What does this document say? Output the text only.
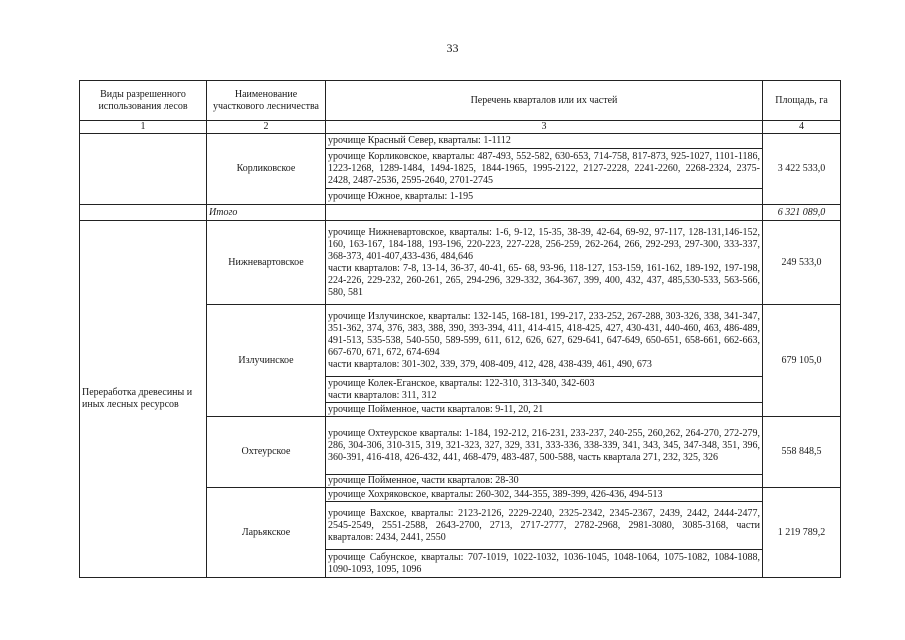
33
Виды разрешенного использования лесов	Наименование участкового лесничества	Перечень кварталов или их частей	Площадь, га
1	2	3	4
	Корликовское	урочище Красный Север, кварталы: 1-1112	3 422 533,0
		урочище Корликовское, кварталы: 487-493, 552-582, 630-653, 714-758, 817-873, 925-1027, 1101-1186, 1223-1268, 1289-1484, 1494-1825, 1844-1965, 1995-2122, 2127-2228, 2241-2260, 2268-2324, 2375-2428, 2487-2536, 2595-2640, 2701-2745	
		урочище Южное, кварталы: 1-195	
	Итого		6 321 089,0
Переработка древесины и иных лесных ресурсов	Нижневартовское	урочище Нижневартовское, кварталы: 1-6, 9-12, 15-35, 38-39, 42-64, 69-92, 97-117, 128-131,146-152, 160, 163-167, 184-188, 193-196, 220-223, 227-228, 256-259, 262-264, 266, 292-293, 297-300, 333-337, 368-373, 401-407,433-436, 484,646
части кварталов: 7-8, 13-14, 36-37, 40-41, 65- 68, 93-96, 118-127, 153-159, 161-162, 189-192, 197-198, 224-226, 229-232, 260-261, 265, 294-296, 329-332, 364-367, 399, 400, 432, 437, 485,530-533, 563-566, 580, 581	249 533,0
	Излучинское	урочище Излучинское, кварталы: 132-145, 168-181, 199-217, 233-252, 267-288, 303-326, 338, 341-347, 351-362, 374, 376, 383, 388, 390, 393-394, 411, 414-415, 418-425, 427, 430-431, 440-460, 463, 486-489, 491-513, 535-538, 540-550, 589-599, 611, 612, 626, 627, 629-641, 647-649, 650-651, 658-661, 662-663, 667-670, 671, 672, 674-694
части кварталов: 301-302, 339, 379, 408-409, 412, 428, 438-439, 461, 490, 673	679 105,0

		урочище Колек-Еганское, кварталы: 122-310, 313-340, 342-603
части кварталов: 311, 312	

		урочище Пойменное, части кварталов: 9-11, 20, 21	
	Охтеурское	урочище Охтеурское кварталы: 1-184, 192-212, 216-231, 233-237, 240-255, 260,262, 264-270, 272-279, 286, 304-306, 310-315, 319, 321-323, 327, 329, 331, 333-336, 338-339, 341, 343, 345, 347-348, 351, 396, 360-391, 416-418, 426-432, 441, 468-479, 483-487, 500-588, часть квартала 271, 232, 325, 326	558 848,5
		урочище Пойменное, части кварталов: 28-30	
	Ларьякское	урочище Хохряковское, кварталы: 260-302, 344-355, 389-399, 426-436, 494-513	1 219 789,2
		урочище Вахское, кварталы: 2123-2126, 2229-2240, 2325-2342, 2345-2367, 2439, 2442, 2444-2477, 2545-2549, 2551-2588, 2643-2700, 2713, 2717-2777, 2782-2968, 2981-3080, 3085-3168, части кварталов: 2434, 2441, 2550	
		урочище Сабунское, кварталы: 707-1019, 1022-1032, 1036-1045, 1048-1064, 1075-1082, 1084-1088, 1090-1093, 1095, 1096	
